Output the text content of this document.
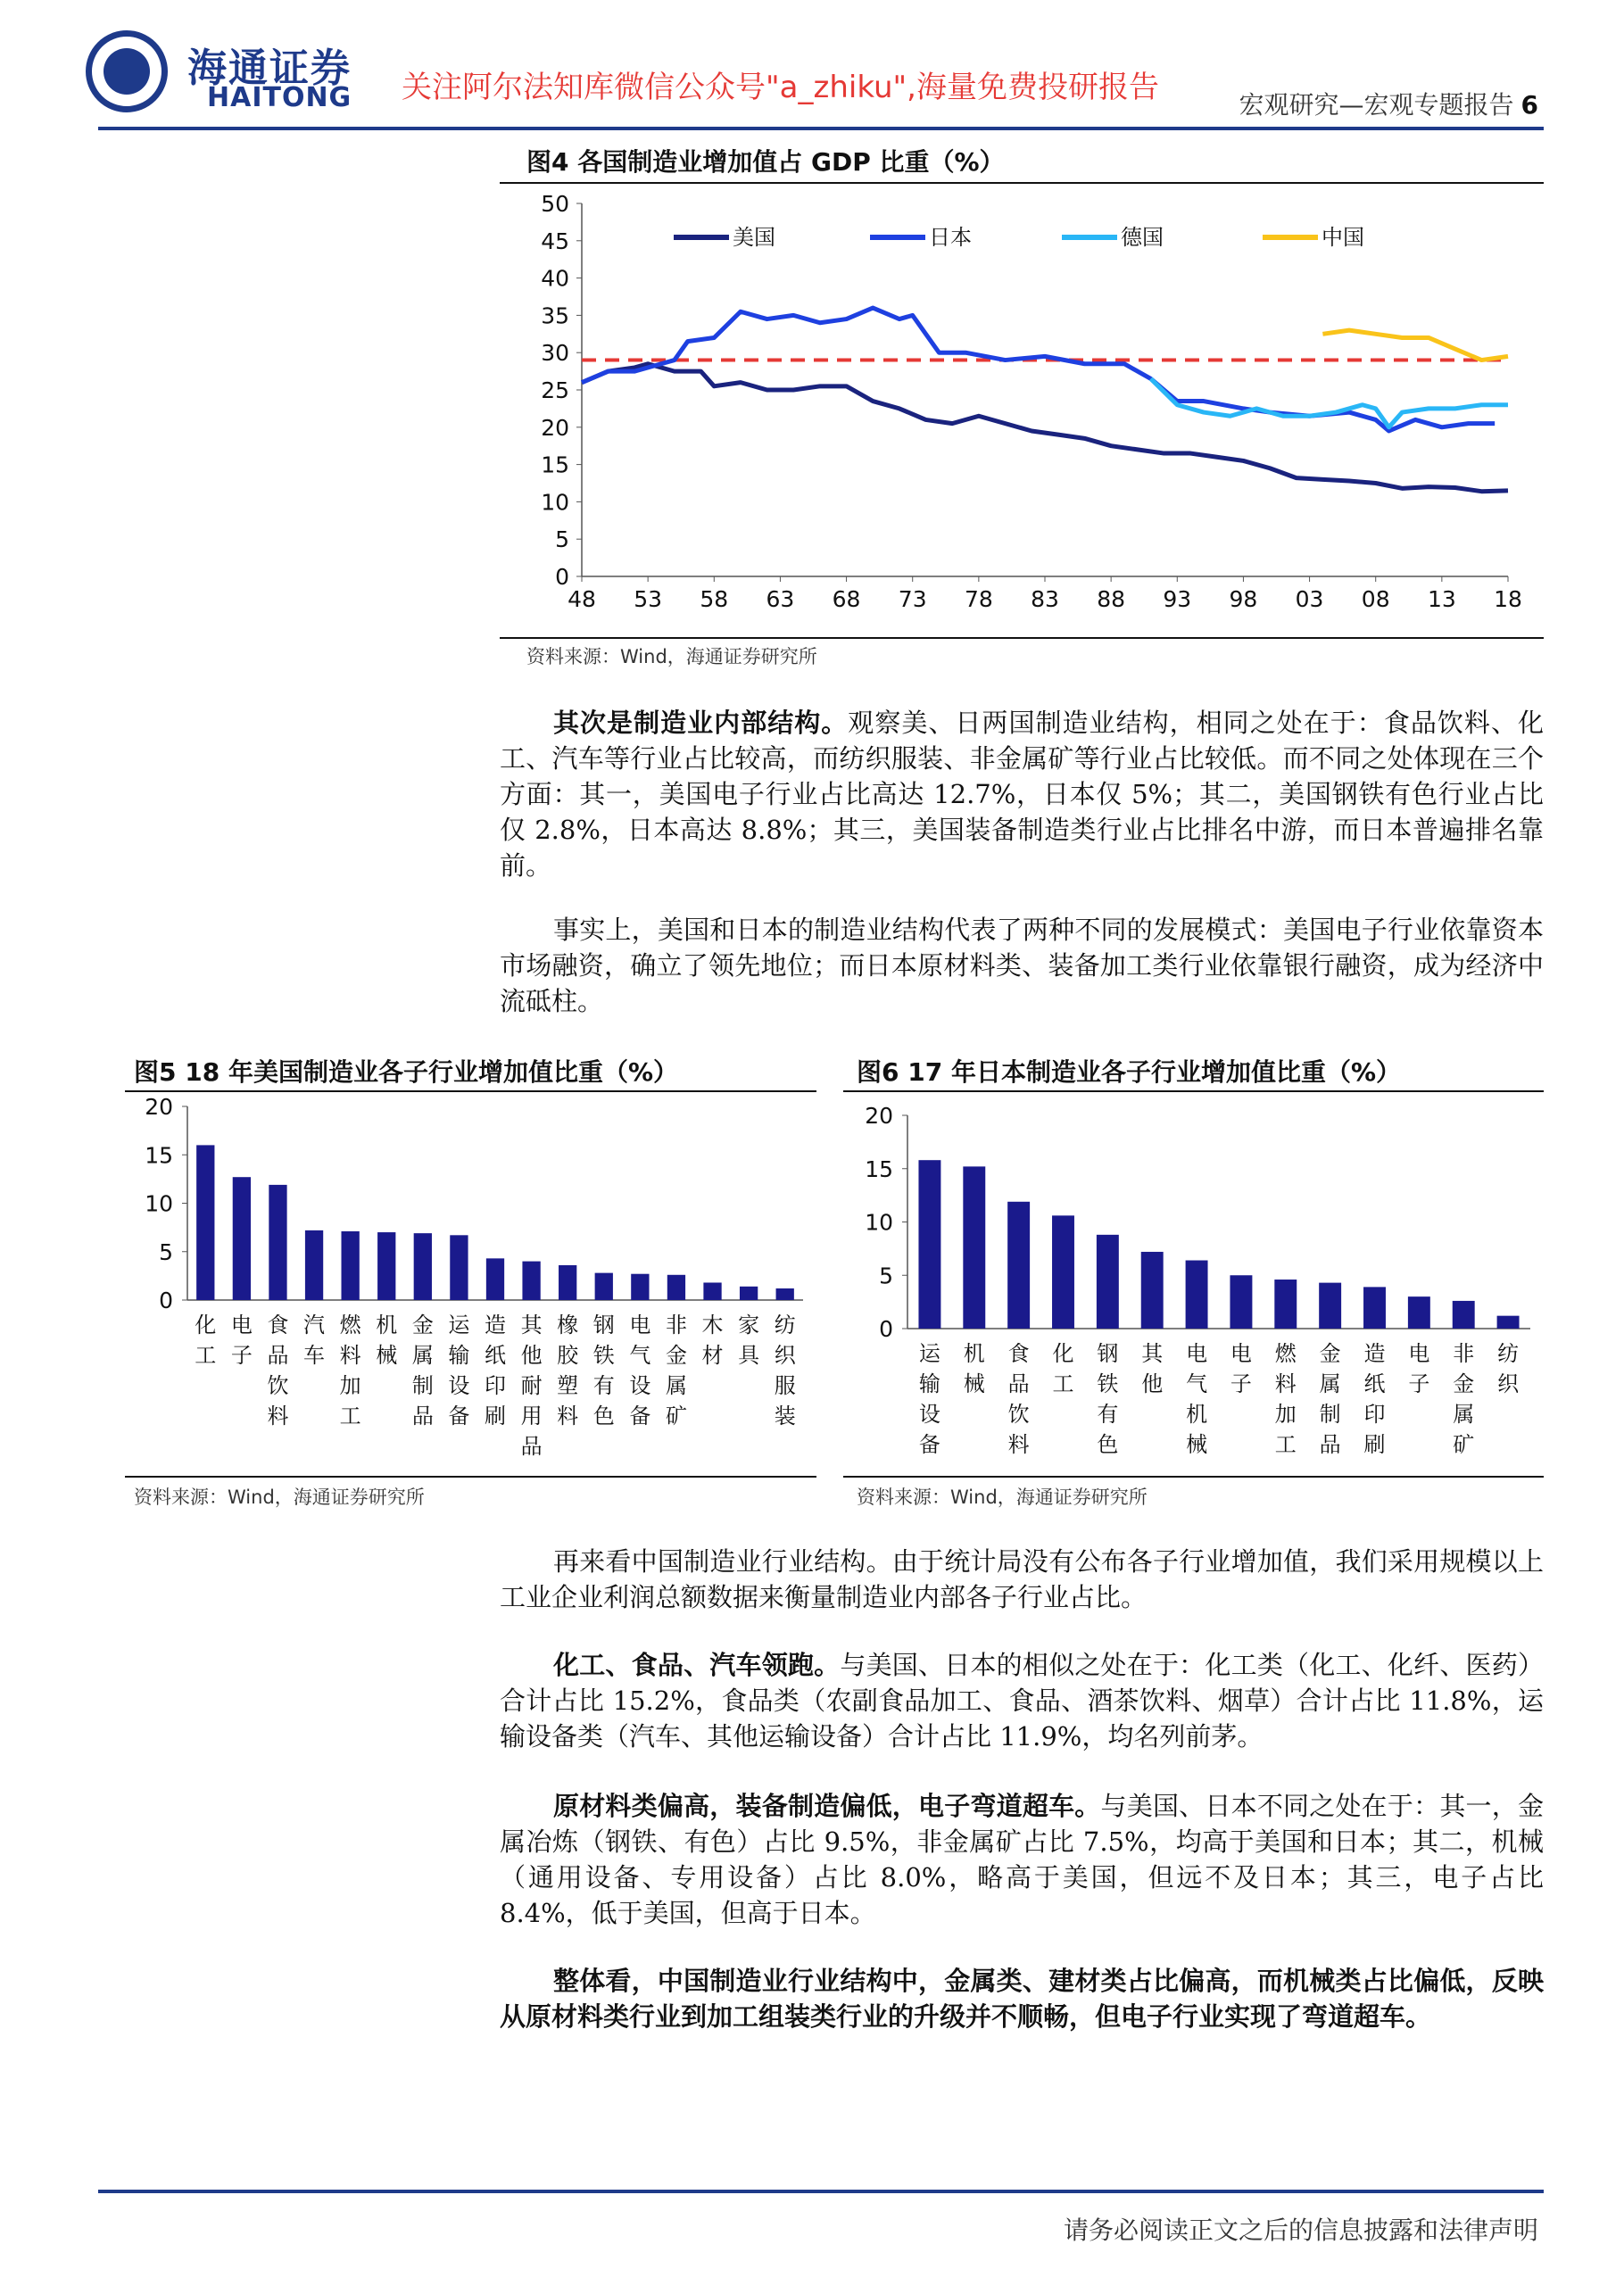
海通证券
HAITONG 关注阿尔法知库微信公众号"a_zhiku",海量免费投研报告	宏观研究—宏观专题报告 6
图4 各国制造业增加值占 GDP 比重（%）
0
5
10
15
20
25
30
35
40
45
50
48 53 58 63 68 73 78 83 88 93 98 03 08 13 18
美国	日本	德国	中国
资料来源：Wind，海通证券研究所

其次是制造业内部结构。观察美、日两国制造业结构，相同之处在于：食品饮料、化工、汽车等行业占比较高，而纺织服装、非金属矿等行业占比较低。而不同之处体现在三个方面：其一，美国电子行业占比高达 12.7%，日本仅 5%；其二，美国钢铁有色行业占比仅 2.8%，日本高达 8.8%；其三，美国装备制造类行业占比排名中游，而日本普遍排名靠前。

事实上，美国和日本的制造业结构代表了两种不同的发展模式：美国电子行业依靠资本市场融资，确立了领先地位；而日本原材料类、装备加工类行业依靠银行融资，成为经济中流砥柱。

图5 18 年美国制造业各子行业增加值比重（%）
0
5
10
15
20
化
工
电
子
食
品
饮
料
汽
车
燃
料
加
工
机
械
金
属
制
品
运
输
设
备
造
纸
印
刷
其
他
耐
用
品
橡
胶
塑
料
钢
铁
有
色
电
气
设
备
非
金
属
矿
木
材
家
具
纺
织
服
装
资料来源：Wind，海通证券研究所
图6 17 年日本制造业各子行业增加值比重（%）
0
5
10
15
20
运
输
设
备
机
械
食
品
饮
料
化
工
钢
铁
有
色
其
他
电
气
机
械
电
子
燃
料
加
工
金
属
制
品
造
纸
印
刷
电
子
非
金
属
矿
纺
织
资料来源：Wind，海通证券研究所

再来看中国制造业行业结构。由于统计局没有公布各子行业增加值，我们采用规模以上工业企业利润总额数据来衡量制造业内部各子行业占比。

化工、食品、汽车领跑。与美国、日本的相似之处在于：化工类（化工、化纤、医药）合计占比 15.2%，食品类（农副食品加工、食品、酒茶饮料、烟草）合计占比 11.8%，运输设备类（汽车、其他运输设备）合计占比 11.9%，均名列前茅。

原材料类偏高，装备制造偏低，电子弯道超车。与美国、日本不同之处在于：其一，金属冶炼（钢铁、有色）占比 9.5%，非金属矿占比 7.5%，均高于美国和日本；其二，机械（通用设备、专用设备）占比 8.0%，略高于美国，但远不及日本；其三，电子占比 8.4%，低于美国，但高于日本。

整体看，中国制造业行业结构中，金属类、建材类占比偏高，而机械类占比偏低，反映从原材料类行业到加工组装类行业的升级并不顺畅，但电子行业实现了弯道超车。

请务必阅读正文之后的信息披露和法律声明
